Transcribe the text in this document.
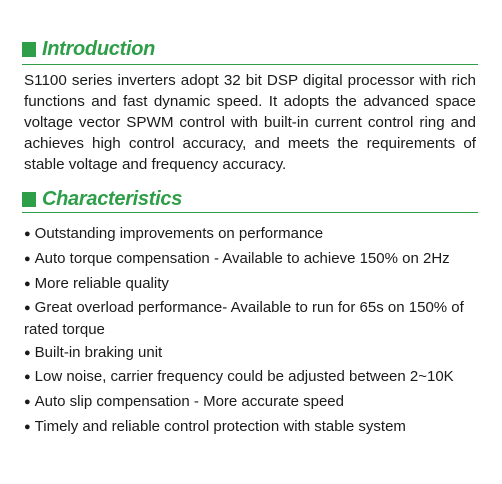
Introduction

S1100 series inverters adopt 32 bit DSP digital processor with rich functions and fast dynamic speed. It adopts the advanced space voltage vector SPWM control with built-in current control ring and achieves high control accuracy, and meets the requirements of stable voltage and frequency accuracy.

Characteristics
● Outstanding improvements on performance
● Auto torque compensation - Available to achieve 150% on 2Hz
● More reliable quality
● Great overload performance- Available to run for 65s on 150% of rated torque
● Built-in braking unit
● Low noise, carrier frequency could be adjusted between 2~10K
● Auto slip compensation - More accurate speed
● Timely and reliable control protection with stable system
